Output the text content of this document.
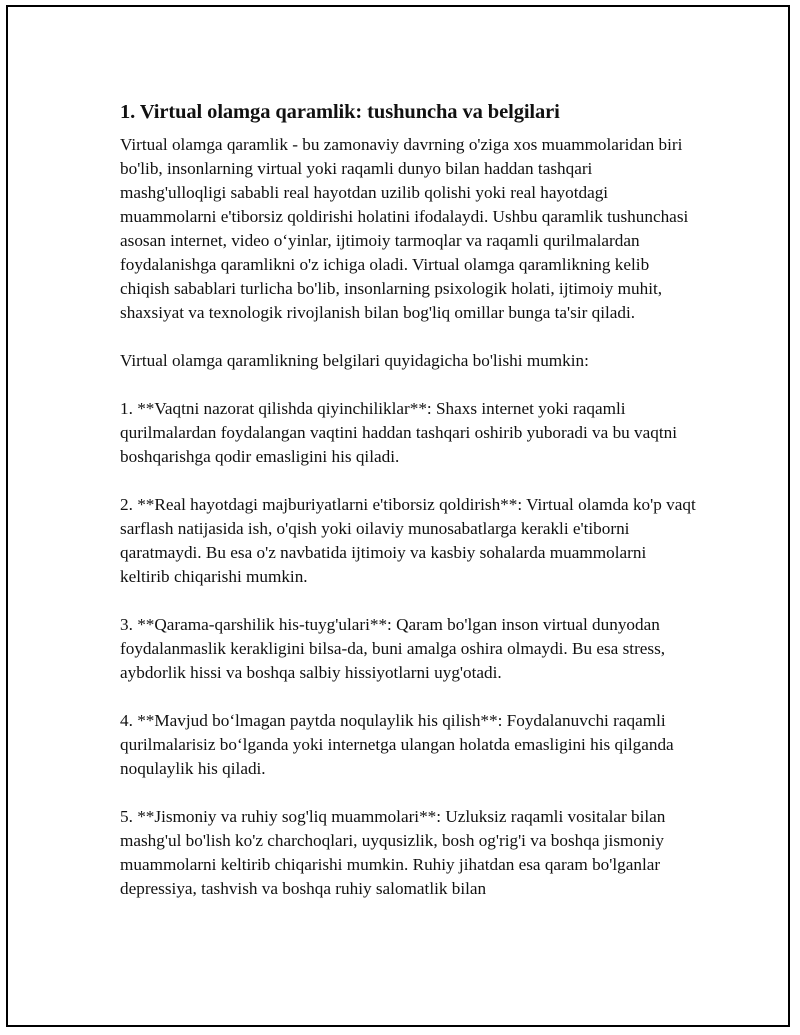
1. Virtual olamga qaramlik: tushuncha va belgilari

Virtual olamga qaramlik - bu zamonaviy davrning o'ziga xos muammolaridan biri bo'lib, insonlarning virtual yoki raqamli dunyo bilan haddan tashqari mashg'ulloqligi sababli real hayotdan uzilib qolishi yoki real hayotdagi muammolarni e'tiborsiz qoldirishi holatini ifodalaydi. Ushbu qaramlik tushunchasi asosan internet, video o‘yinlar, ijtimoiy tarmoqlar va raqamli qurilmalardan foydalanishga qaramlikni o'z ichiga oladi. Virtual olamga qaramlikning kelib chiqish sabablari turlicha bo'lib, insonlarning psixologik holati, ijtimoiy muhit, shaxsiyat va texnologik rivojlanish bilan bog'liq omillar bunga ta'sir qiladi.

Virtual olamga qaramlikning belgilari quyidagicha bo'lishi mumkin:

1. **Vaqtni nazorat qilishda qiyinchiliklar**: Shaxs internet yoki raqamli qurilmalardan foydalangan vaqtini haddan tashqari oshirib yuboradi va bu vaqtni boshqarishga qodir emasligini his qiladi.

2. **Real hayotdagi majburiyatlarni e'tiborsiz qoldirish**: Virtual olamda ko'p vaqt sarflash natijasida ish, o'qish yoki oilaviy munosabatlarga kerakli e'tiborni qaratmaydi. Bu esa o'z navbatida ijtimoiy va kasbiy sohalarda muammolarni keltirib chiqarishi mumkin.

3. **Qarama-qarshilik his-tuyg'ulari**: Qaram bo'lgan inson virtual dunyodan foydalanmaslik kerakligini bilsa-da, buni amalga oshira olmaydi. Bu esa stress, aybdorlik hissi va boshqa salbiy hissiyotlarni uyg'otadi.

4. **Mavjud bo‘lmagan paytda noqulaylik his qilish**: Foydalanuvchi raqamli qurilmalarisiz bo‘lganda yoki internetga ulangan holatda emasligini his qilganda noqulaylik his qiladi.

5. **Jismoniy va ruhiy sog'liq muammolari**: Uzluksiz raqamli vositalar bilan mashg'ul bo'lish ko'z charchoqlari, uyqusizlik, bosh og'rig'i va boshqa jismoniy muammolarni keltirib chiqarishi mumkin. Ruhiy jihatdan esa qaram bo'lganlar depressiya, tashvish va boshqa ruhiy salomatlik bilan
